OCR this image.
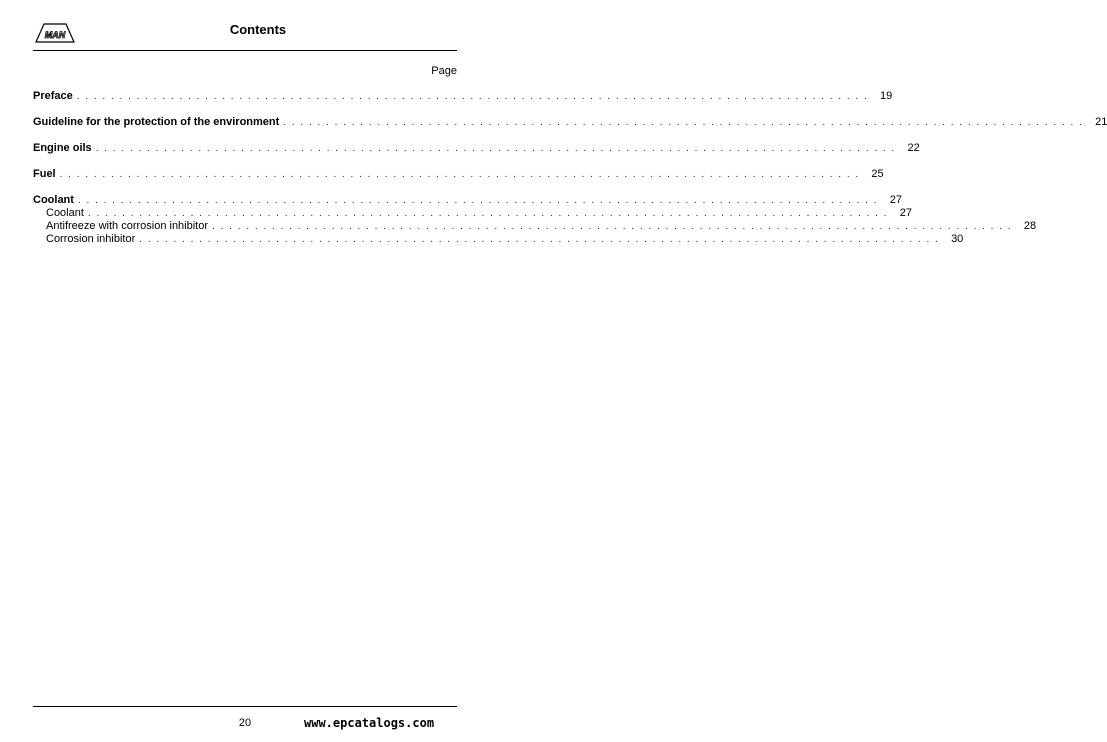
MAN	Contents
Page
Preface . . . . . . . . . . . . . . . . . . . . . . . . . . . . . . . . . . . . . . . . . . . . . . . . . . . . . . . . . . . . . . . . . . . . . . . . . . . . . . . . . . . . . . . . . . . . .	19
Guideline for the protection of the environment . . . . . . . . . . . . . . . . . . . . . . . . . . . . . . . . . . . . . . . . . . . . . . . . . . . . . . . . . . . . . . . . . . . . . . . . . . . . . . . . . . . . . . . . . . . . . .	21
Engine oils . . . . . . . . . . . . . . . . . . . . . . . . . . . . . . . . . . . . . . . . . . . . . . . . . . . . . . . . . . . . . . . . . . . . . . . . . . . . . . . . . . . . . . . . . . . . . .	22
Fuel . . . . . . . . . . . . . . . . . . . . . . . . . . . . . . . . . . . . . . . . . . . . . . . . . . . . . . . . . . . . . . . . . . . . . . . . . . . . . . . . . . . . . . . . . . . . . .	25
Coolant . . . . . . . . . . . . . . . . . . . . . . . . . . . . . . . . . . . . . . . . . . . . . . . . . . . . . . . . . . . . . . . . . . . . . . . . . . . . . . . . . . . . . . . . . . . . . .	27
Coolant . . . . . . . . . . . . . . . . . . . . . . . . . . . . . . . . . . . . . . . . . . . . . . . . . . . . . . . . . . . . . . . . . . . . . . . . . . . . . . . . . . . . . . . . . . . . . .	27
Antifreeze with corrosion inhibitor . . . . . . . . . . . . . . . . . . . . . . . . . . . . . . . . . . . . . . . . . . . . . . . . . . . . . . . . . . . . . . . . . . . . . . . . . . . . . . . . . . . . . . . . . . . . . .	28
Corrosion inhibitor . . . . . . . . . . . . . . . . . . . . . . . . . . . . . . . . . . . . . . . . . . . . . . . . . . . . . . . . . . . . . . . . . . . . . . . . . . . . . . . . . . . . . . . . . . . . . .	30
20	www.epcatalogs.com
